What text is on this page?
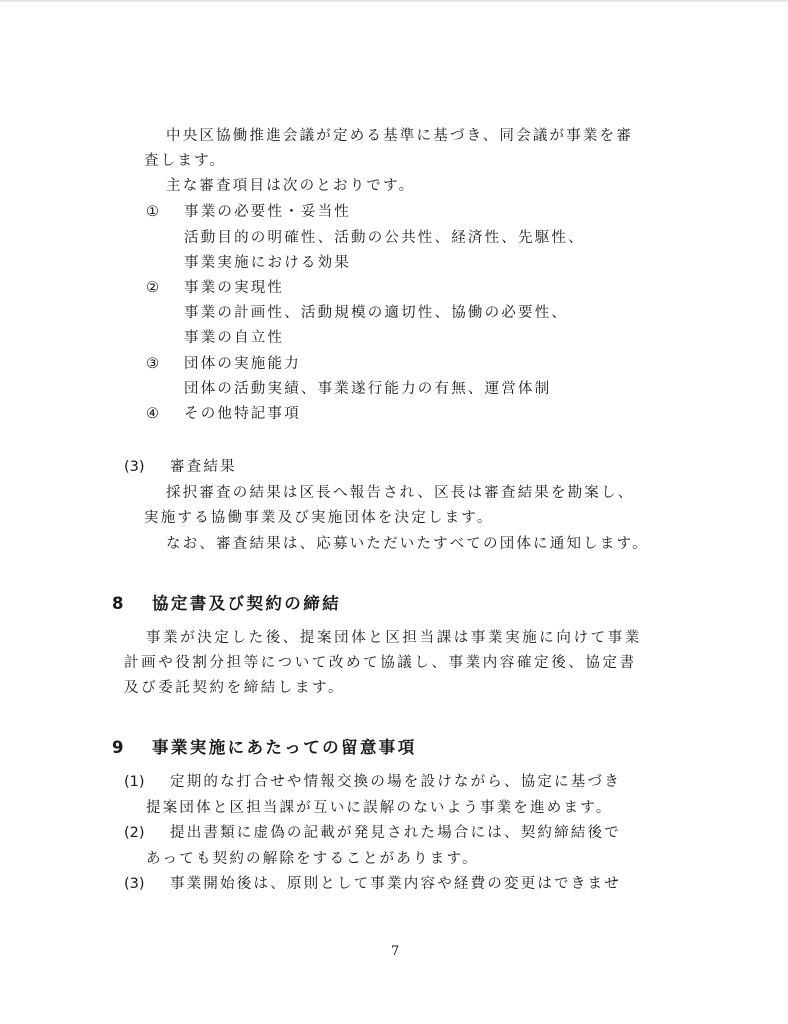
中央区協働推進会議が定める基準に基づき、同会議が事業を審
査します。
主な審査項目は次のとおりです。
① 事業の必要性・妥当性
活動目的の明確性、活動の公共性、経済性、先駆性、
事業実施における効果
② 事業の実現性
事業の計画性、活動規模の適切性、協働の必要性、
事業の自立性
③ 団体の実施能力
団体の活動実績、事業遂行能力の有無、運営体制
④ その他特記事項
(3) 審査結果
採択審査の結果は区長へ報告され、区長は審査結果を勘案し、
実施する協働事業及び実施団体を決定します。
なお、審査結果は、応募いただいたすべての団体に通知します。
8 協定書及び契約の締結
事業が決定した後、提案団体と区担当課は事業実施に向けて事業
計画や役割分担等について改めて協議し、事業内容確定後、協定書
及び委託契約を締結します。
9 事業実施にあたっての留意事項
(1) 定期的な打合せや情報交換の場を設けながら、協定に基づき
提案団体と区担当課が互いに誤解のないよう事業を進めます。
(2) 提出書類に虚偽の記載が発見された場合には、契約締結後で
あっても契約の解除をすることがあります。
(3) 事業開始後は、原則として事業内容や経費の変更はできませ
7
